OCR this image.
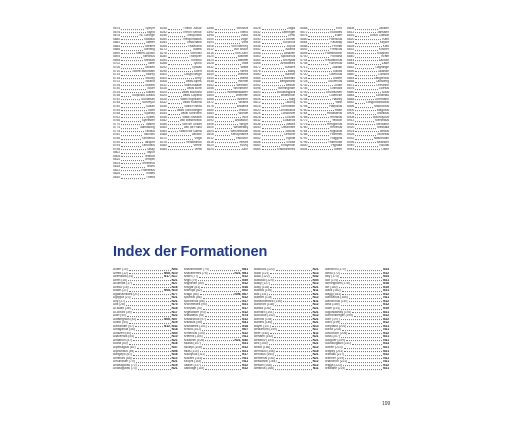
5675	Sphyrr
5676	Sigrid
5678	St. George
5680	Stadtus
5682	Stelter
5684	Stellert
5686	Sterling
5690	Sterns-Apollo
5694	Stevinus
5698	Stewart
5702	Stine
5706	Stokes
5710	Stone-Mountain
5714	Storey
5718	Stucky
5722	Strand
5726	Stubbs
5730	Stuer
5734	Suban
5738	Sulpicius Gallus
5742	Sundman
5746	Surveyor
5750	Susan
5754	Swift
5758	Sydney
5762	Sykes
5766	Sylvester
5770	Tabled
5774	Talmasong
5778	Tacitus
5782	Tacchini
5786	Tannerus
5790	Tarquet
5794	Taruntius
5798	Tassy
5802	Taylor
5806	Tebbutt
5810	Tempel
5814	Tenebrus
5818	Teoris
5822	Thaetetus
5826	Thales
5830	Thebit
6248	Theon Junior
6252	Theon Senior
6256	Theophilus
6260	Theophrastus
6264	Timocharis
6268	Tisserand
6272	Tralles
6276	Torricelli
6280	Trumpler
6284	Turnbull
6288	Tycho
6292	Tyndall
6296	Ukert
6300	Ulugh Beigh
6304	Urey
6308	Vallis Alpes
6312	Vallis Baade
6316	Vallis Bohr
6320	Vallis Bouvard
6324	Vallis Capella
6328	Vallis Inghirami
6332	Vallis Krishna
6336	Vallis Rheita
6340	Vallis Schrödinger
6344	Vallis Schröteri
6348	Vallis Snellius
6352	Van Biesbroeck
6356	Van de Graaff
6360	Van de Hulst
6364	Vasco da Gama
6368	Vavilov
6372	Vega
6376	Vendelinus
6380	Verne
6384	Vieta
6388	Vitruvius
6392	Vitello
6396	Vlacq
6400	Vogel
6404	Volta
6408	Von Behring
6412	Von Braun
6416	Von Zach
6420	Walther
6424	Walther
6428	Watt
6432	Watts
6436	Webb
6440	Weinek
6444	Weiss
6448	Werner
6452	Whewell
6456	Wichmann
6460	Widmanstätten
6464	Wiechert
6468	Wilhelm
6472	Wilkins
6476	Williams
6480	Wilson
6484	Wöhler
6488	Wolf
6492	Wollaston
6496	Wright
6500	Wrottesley
6504	Wurzelbauer
6508	Xenophanes
6512	Yakovkin
6516	Yerkes
6520	Young
6524	Zach
6528	Zagut
6532	Zähringer
6536	Zeno
6540	Zöllner
6544	Zucchius
6548	Zupus
6552	Adams
6556	Alhazen
6560	Apollonius
6564	Archytas
6568	Aristoteles
6572	Auwers
6576	Bailly
6580	Balmer
6584	Barnard
6588	Bergstrand
6592	Bessel
6596	Birmingham
6600	Boussingault
6604	Brianchon
6608	Bürg
6612	Cauchy
6616	Chevallier
6620	Cleostratus
6624	Condorcet
6628	Crozier
6632	Cusanus
6636	Dawes
6640	Delambre
6644	Dollond
6648	Drebbel
6652	Egede
6656	Encke
6660	Endymion
6664	Eratosthenes
6668	Erro
6672	Euclides
6676	Euler
6680	Fabricius
6684	Faraday
6688	Fermat
6692	Firmicus
6696	Flammarion
6700	Fontana
6704	Fracastorius
6708	Furnerius
6712	Galilaei
6716	Gauss
6720	Geminus
6724	Gilbert
6728	Goclenius
6732	Godin
6736	Grimaldi
6740	Gruithuisen
6744	Guericke
6748	Hadley
6752	Hahn
6756	Harpalus
6760	Hase
6764	Hecataeus
6768	Heinsius
6772	Helicon
6776	Herigonius
6780	Hevelius
6784	Hippalus
6788	Hommel
6792	Huggins
6796	Humboldt
6800	Hypatia
6804	Ideler
6808	Jansen
6812	Janssen
6816	Julius Caesar
6820	Kant
6824	Kepler
6828	Kies
6832	Kircher
6836	Klaproth
6840	Krafft
6844	Lacroix
6848	Lade
6852	Lagrange
6856	Lalande
6860	Lamont
6864	Langrenus
6868	Lansberg
6872	Letronne
6876	Licetus
6880	Lilius
6884	Lindenau
6888	Lohrmann
6892	Longomontanus
6896	Macrobius
6900	Maginus
6904	Manilius
6908	Maurolycus
6912	Menelaus
6916	Mercator
6920	Messala
6924	Metius
6928	Moretus
6932	Nasireddin
6936	Neander
6940	Nicolai
6944	Oken
Index der Formationen
Alden (10)	N03
Alfred (12)	N08, N10
Abenaida (14)	N17, N17
Abrin (16)	N21
Akufinde (17)	N27
Acedo (18)	N16
Adam (21)	N08, N10
Agathachides (21)	N77
Agrippa (23)	N21
Airy (27)	N21
Aitz (28)	N74
Al-Bakri (36)	N18
Al-Biruni (39)	N17
Alan (40)	N22
Albategnius (42)	N06, N07
Aldrin (44)	N19
Alexander (47)	N12, N42
Alfraganus (48)	N18
Alhazen (50)	N04
Aliacensis (54)	N10
Almanon (57)	N21
Aloha (60)	N16
Alpetragius (62)	N47
Alphonsus (65)	N06
Bangeyo (67)	N16
Ameisini (68)	N12
Amundsen (70)	N21
Anaxagoras (72)	N19
Anaxagoras (73)	N21
Anaximander (74)	N61
Anaximenes (76)	N21, N61
Andél (77)	N12
Angs (79)	N39
Ångström (80)	N12
Ansgar (81)	N16
Anteopit (82)	N02
Arago (84)	N06, N07
Apianus (86)	N12
Apollonius (88)	N17
Archimedes (90)	N21
Archytas (92)	N17
Argelander (93)	N12
Ariadaeus (95)	N74
Aristarchus (97)	N12
Aristillus (98)	N41
Aristoteles (101)	N18
Arnold (102)	N07
Arrhenius (103)	N12
Artemis (104)	N11
Arzachel (105)	N21, N40
Asada (107)	N21
Asclepi (108)	N12
Atlas (110)	N21
Autolycus (112)	N17
Auwers (114)	N11
Azophi (115)	N11
Baade (117)	N12
Babbage (119)	N12
Babcock (120)	N21
Back (121)	N13
Baco (122)	N42
Baillaud (124)	N04
Bailly (127)	N12
Baily (128)	N21
Balboa (130)	N11
Ball (131)	N21
Balmer (134)	N12
Banachiewicz (136)	N11
Bancroft (138)	N12
Barkla (140)	N21
Barnard (141)	N21
Barocius (142)	N12
Barrow (144)	N21
Bartels (146)	N21
Bayer (147)	N13
Beaumont (149)	N17
Beer (150)	N11
Behaim (152)	N21
Beketov (153)	N21
Bell (155)	N21
Bellot (156)	N12
Bernoulli (158)	N16
Berosus (160)	N21
Berzelius (162)	N21
Bessarion (164)	N12
Bessel (166)	N12
Bettinus (168)	N11
Bianchini (170)	N23
Biela (172)	N12
Billy (174)	N24
Biot (176)	N21
Birmingham (178)	N16
Birt (180)	N19
Black (182)	N21
Blagg (183)	N12
Blancanus (185)	N11
Blanchinus (187)	N12
Bliss (189)	N12
Bode (191)	N19
Boguslawsky (193)	N21
Bohnenberger (195)	N12
Bohr (197)	N22
Bond (199)	N12
Bonpland (201)	N21
Borda (203)	N11
Boscovich (205)	N12
Boss (207)	N21
Bouguer (209)	N11
Boussingault (211)	N13
Bowen (213)	N21
Brayley (215)	N21
Breislak (217)	N12
Brenner (219)	N11
Brianchon (221)	N11
Briggs (223)	N12
Brisbane (225)	N21
199
